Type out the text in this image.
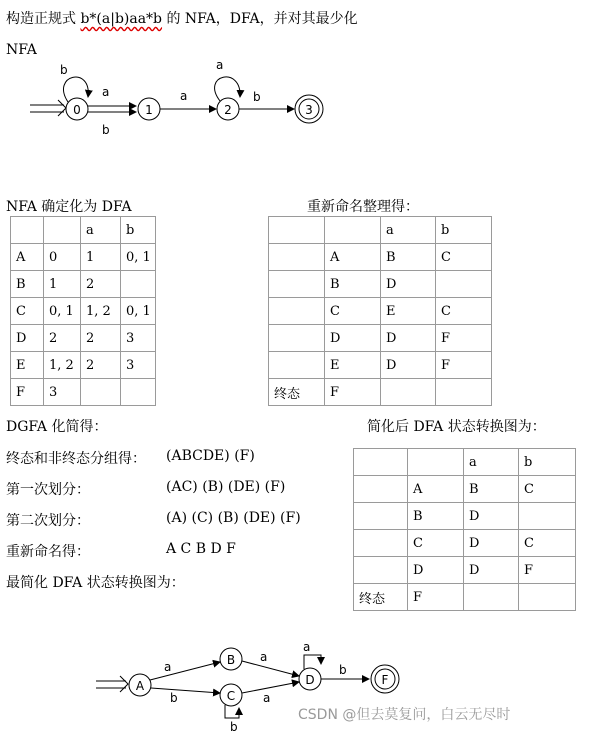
构造正规式 b*(a|b)aa*b 的 NFA，DFA，并对其最少化
NFA
0
b
a
b
1
a
2
a
b
3
NFA 确定化为 DFA
		a	b
A	0	1	0, 1
B	1	2	
C	0, 1	1, 2	0, 1
D	2	2	3
E	1, 2	2	3
F	3		
重新命名整理得：
		a	b
	A	B	C
	B	D	
	C	E	C
	D	D	F
	E	D	F
终态	F		
DGFA 化简得：
终态和非终态分组得： (ABCDE) (F)
第一次划分：	(AC) (B) (DE) (F)
第二次划分：	(A) (C) (B) (DE) (F)
重新命名得：	A C B D F
最简化 DFA 状态转换图为：
简化后 DFA 状态转换图为：
		a	b
	A	B	C
	B	D	
	C	D	C
	D	D	F
终态	F		
A
B
C
D	F
a
b
a
a
b
a
b
CSDN @但去莫复问，白云无尽时
